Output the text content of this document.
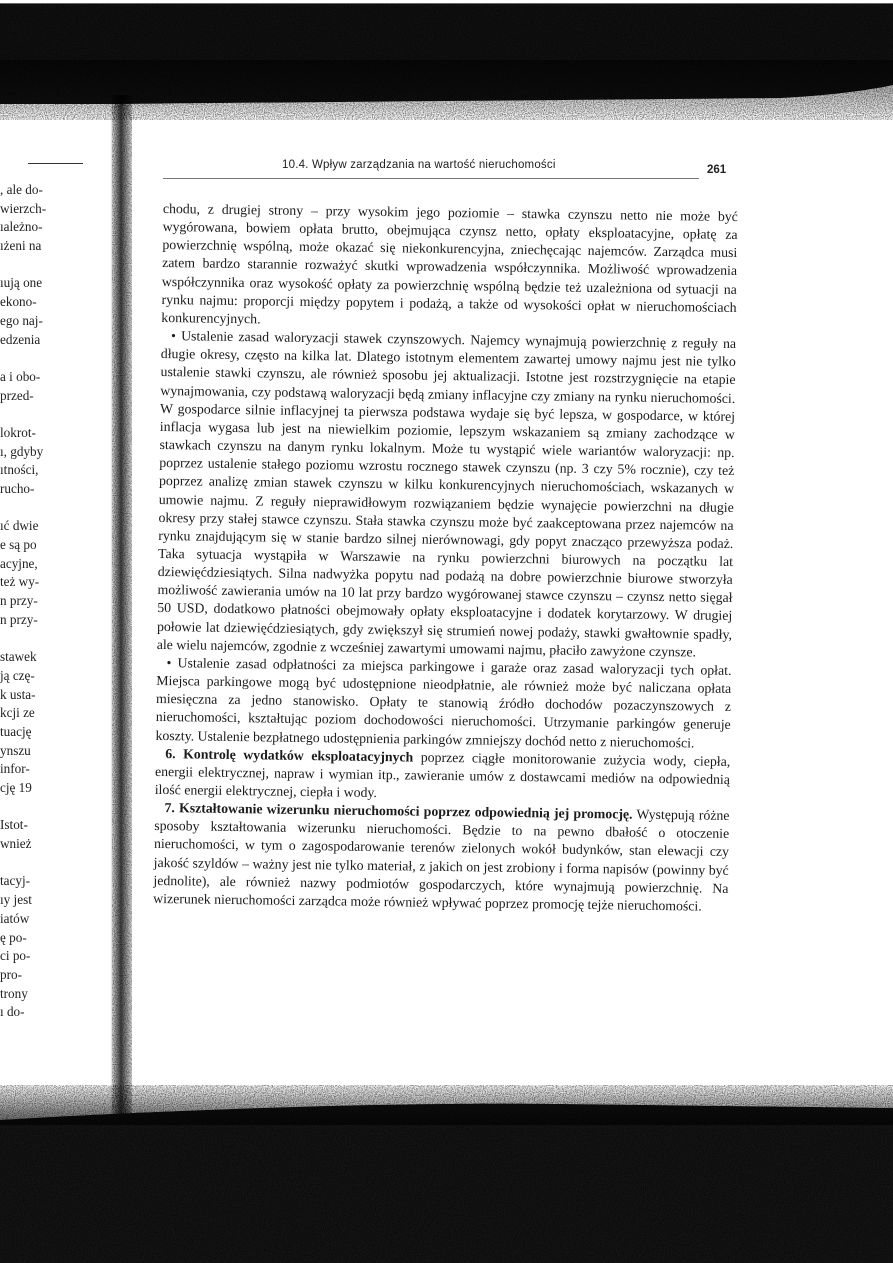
, ale do-
wierzch-
ıależno-
ıżeni na
ıują one
ekono-
ego naj-
edzenia
a i obo-
przed-
lokrot-
ı, gdyby
ıtności,
rucho-
ıć dwie
e są po
acyjne,
też wy-
n przy-
n przy-
stawek
ją czę-
k usta-
kcji ze
tuację
ynszu
infor-
cję 19
Istot-
wnież
tacyj-
ıy jest
iatów
ę po-
ci po-
pro-
trony
ı do-
10.4. Wpływ zarządzania na wartość nieruchomości	261

chodu, z drugiej strony – przy wysokim jego poziomie – stawka czynszu netto nie może być wygórowana, bowiem opłata brutto, obejmująca czynsz netto, opłaty eksploatacyjne, opłatę za powierzchnię wspólną, może okazać się niekonkurencyjna, zniechęcając najemców. Zarządca musi zatem bardzo starannie rozważyć skutki wprowadzenia współczynnika. Możliwość wprowadzenia współczynnika oraz wysokość opłaty za powierzchnię wspólną będzie też uzależniona od sytuacji na rynku najmu: proporcji między popytem i podażą, a także od wysokości opłat w nieruchomościach konkurencyjnych.

• Ustalenie zasad waloryzacji stawek czynszowych. Najemcy wynajmują powierzchnię z reguły na długie okresy, często na kilka lat. Dlatego istotnym elementem zawartej umowy najmu jest nie tylko ustalenie stawki czynszu, ale również sposobu jej aktualizacji. Istotne jest rozstrzygnięcie na etapie wynajmowania, czy podstawą waloryzacji będą zmiany inflacyjne czy zmiany na rynku nieruchomości. W gospodarce silnie inflacyjnej ta pierwsza podstawa wydaje się być lepsza, w gospodarce, w której inflacja wygasa lub jest na niewielkim poziomie, lepszym wskazaniem są zmiany zachodzące w stawkach czynszu na danym rynku lokalnym. Może tu wystąpić wiele wariantów waloryzacji: np. poprzez ustalenie stałego poziomu wzrostu rocznego stawek czynszu (np. 3 czy 5% rocznie), czy też poprzez analizę zmian stawek czynszu w kilku konkurencyjnych nieruchomościach, wskazanych w umowie najmu. Z reguły nieprawidłowym rozwiązaniem będzie wynajęcie powierzchni na długie okresy przy stałej stawce czynszu. Stała stawka czynszu może być zaakceptowana przez najemców na rynku znajdującym się w stanie bardzo silnej nierównowagi, gdy popyt znacząco przewyższa podaż. Taka sytuacja wystąpiła w Warszawie na rynku powierzchni biurowych na początku lat dziewięćdziesiątych. Silna nadwyżka popytu nad podażą na dobre powierzchnie biurowe stworzyła możliwość zawierania umów na 10 lat przy bardzo wygórowanej stawce czynszu – czynsz netto sięgał 50 USD, dodatkowo płatności obejmowały opłaty eksploatacyjne i dodatek korytarzowy. W drugiej połowie lat dziewięćdziesiątych, gdy zwiększył się strumień nowej podaży, stawki gwałtownie spadły, ale wielu najemców, zgodnie z wcześniej zawartymi umowami najmu, płaciło zawyżone czynsze.

• Ustalenie zasad odpłatności za miejsca parkingowe i garaże oraz zasad waloryzacji tych opłat. Miejsca parkingowe mogą być udostępnione nieodpłatnie, ale również może być naliczana opłata miesięczna za jedno stanowisko. Opłaty te stanowią źródło dochodów pozaczynszowych z nieruchomości, kształtując poziom dochodowości nieruchomości. Utrzymanie parkingów generuje koszty. Ustalenie bezpłatnego udostępnienia parkingów zmniejszy dochód netto z nieruchomości.

6. Kontrolę wydatków eksploatacyjnych poprzez ciągłe monitorowanie zużycia wody, ciepła, energii elektrycznej, napraw i wymian itp., zawieranie umów z dostawcami mediów na odpowiednią ilość energii elektrycznej, ciepła i wody.

7. Kształtowanie wizerunku nieruchomości poprzez odpowiednią jej promocję. Występują różne sposoby kształtowania wizerunku nieruchomości. Będzie to na pewno dbałość o otoczenie nieruchomości, w tym o zagospodarowanie terenów zielonych wokół budynków, stan elewacji czy jakość szyldów – ważny jest nie tylko materiał, z jakich on jest zrobiony i forma napisów (powinny być jednolite), ale również nazwy podmiotów gospodarczych, które wynajmują powierzchnię. Na wizerunek nieruchomości zarządca może również wpływać poprzez promocję tejże nieruchomości.
